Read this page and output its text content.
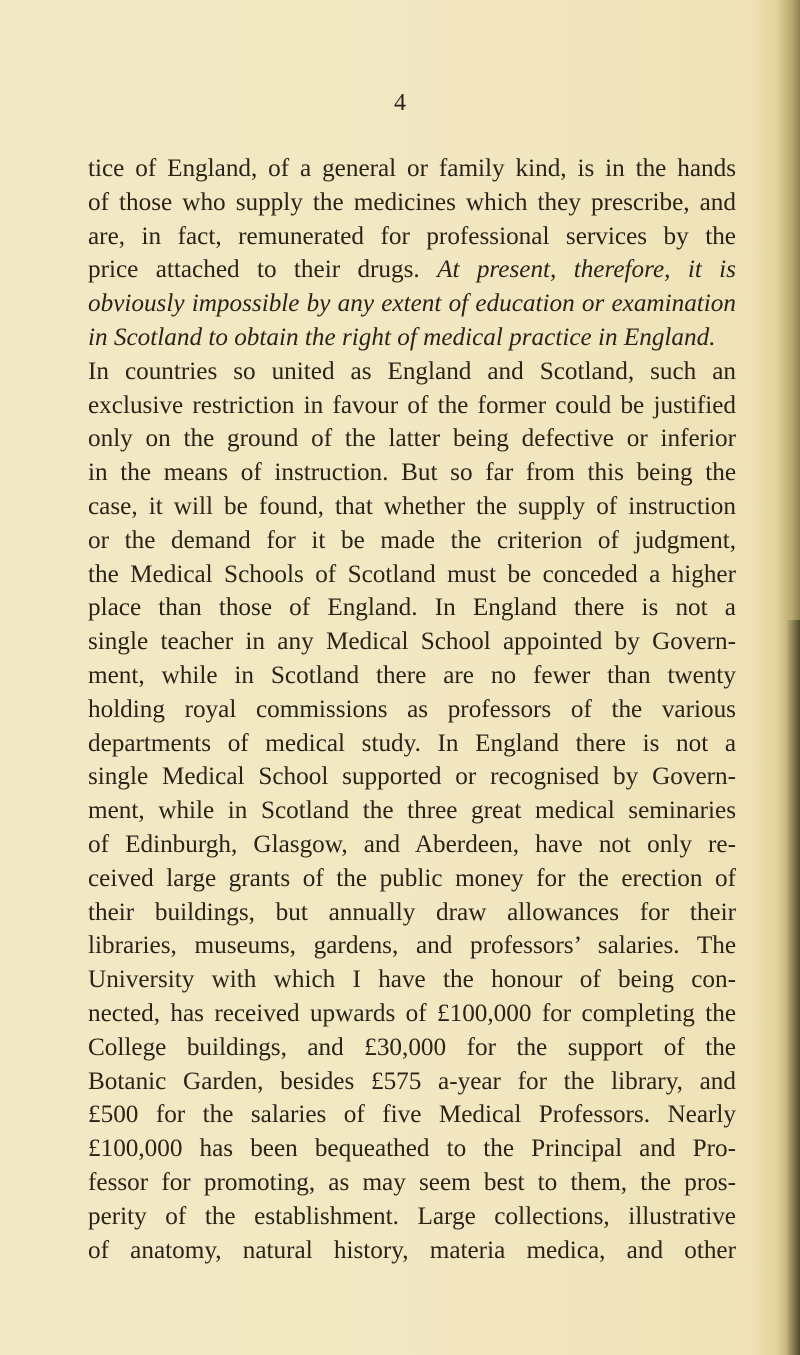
4
tice of England, of a general or family kind, is in the hands
of those who supply the medicines which they prescribe, and
are, in fact, remunerated for professional services by the
price attached to their drugs. At present, therefore, it is
obviously impossible by any extent of education or examination
in Scotland to obtain the right of medical practice in England.
In countries so united as England and Scotland, such an
exclusive restriction in favour of the former could be justified
only on the ground of the latter being defective or inferior
in the means of instruction. But so far from this being the
case, it will be found, that whether the supply of instruction
or the demand for it be made the criterion of judgment,
the Medical Schools of Scotland must be conceded a higher
place than those of England. In England there is not a
single teacher in any Medical School appointed by Govern-
ment, while in Scotland there are no fewer than twenty
holding royal commissions as professors of the various
departments of medical study. In England there is not a
single Medical School supported or recognised by Govern-
ment, while in Scotland the three great medical seminaries
of Edinburgh, Glasgow, and Aberdeen, have not only re-
ceived large grants of the public money for the erection of
their buildings, but annually draw allowances for their
libraries, museums, gardens, and professors’ salaries. The
University with which I have the honour of being con-
nected, has received upwards of £100,000 for completing the
College buildings, and £30,000 for the support of the
Botanic Garden, besides £575 a-year for the library, and
£500 for the salaries of five Medical Professors. Nearly
£100,000 has been bequeathed to the Principal and Pro-
fessor for promoting, as may seem best to them, the pros-
perity of the establishment. Large collections, illustrative
of anatomy, natural history, materia medica, and other
